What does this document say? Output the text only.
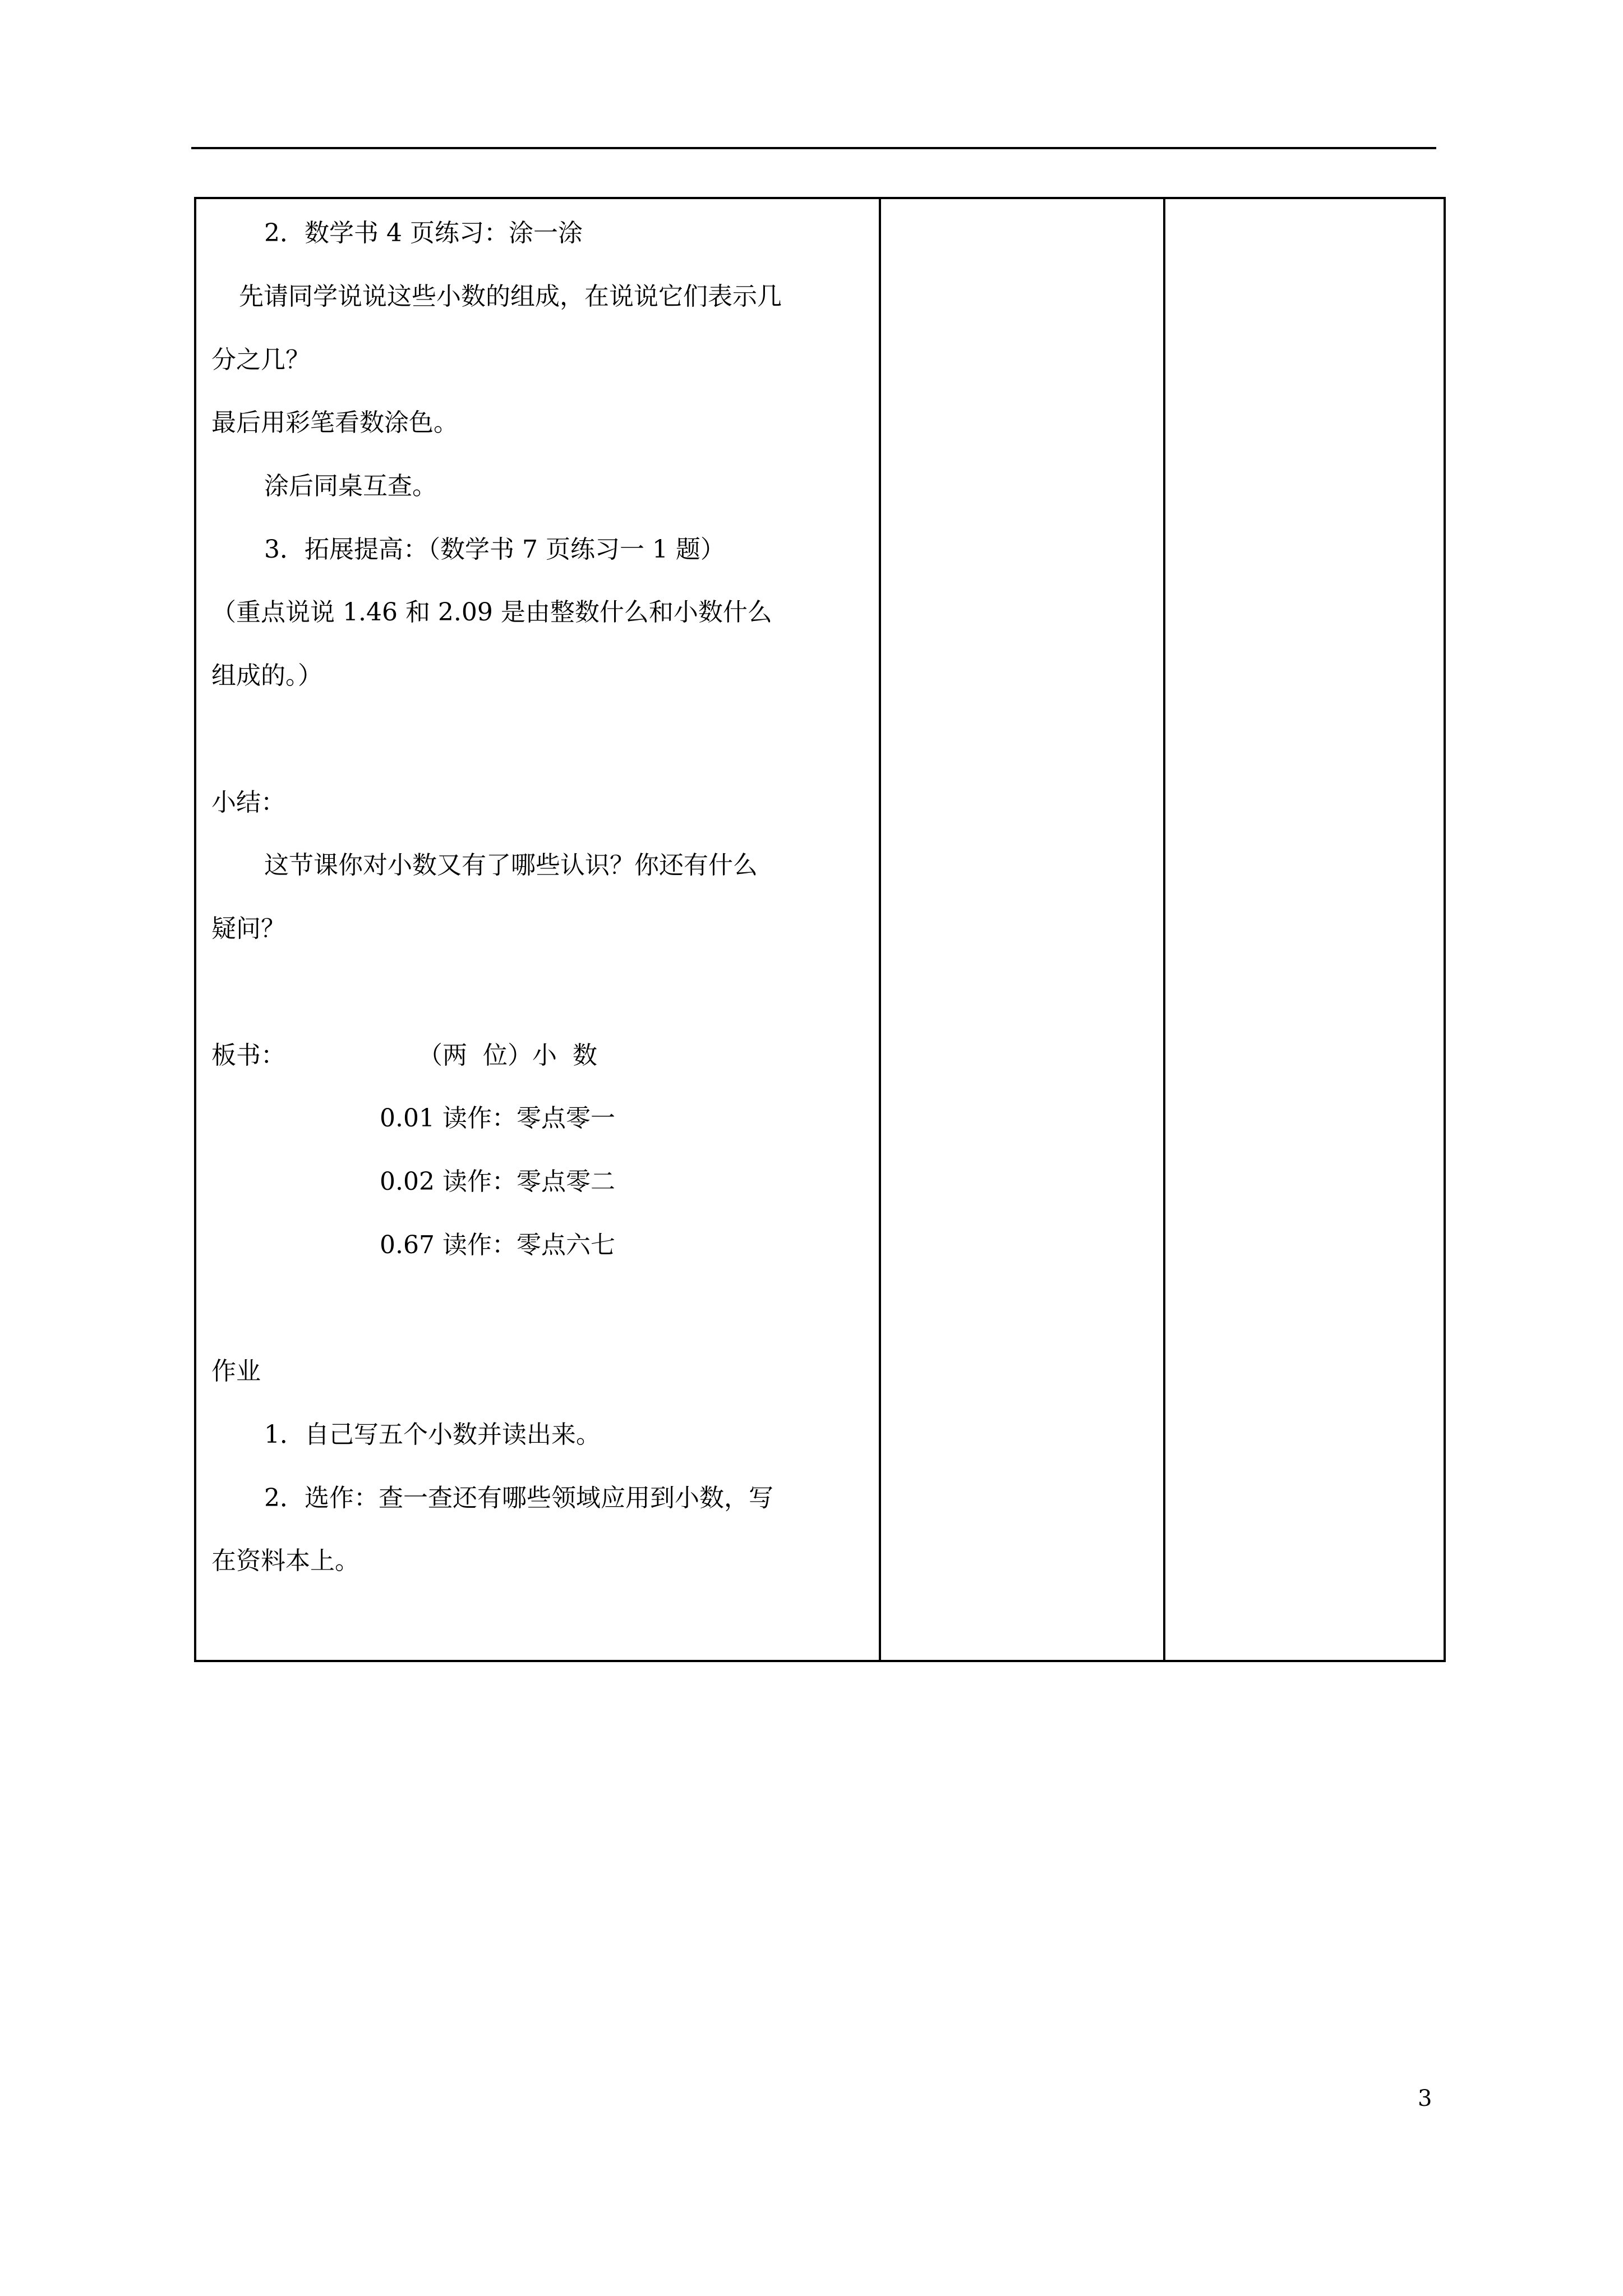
2．数学书 4 页练习：涂一涂
先请同学说说这些小数的组成，在说说它们表示几
分之几？
最后用彩笔看数涂色。
涂后同桌互查。
3．拓展提高：（数学书 7 页练习一 1 题）
（重点说说 1.46 和 2.09 是由整数什么和小数什么
组成的。）
小结：
这节课你对小数又有了哪些认识？你还有什么
疑问？
板书：	（两  位）小  数
0.01 读作：零点零一
0.02 读作：零点零二
0.67 读作：零点六七
作业
1．自己写五个小数并读出来。
2．选作：查一查还有哪些领域应用到小数，写
在资料本上。
3
